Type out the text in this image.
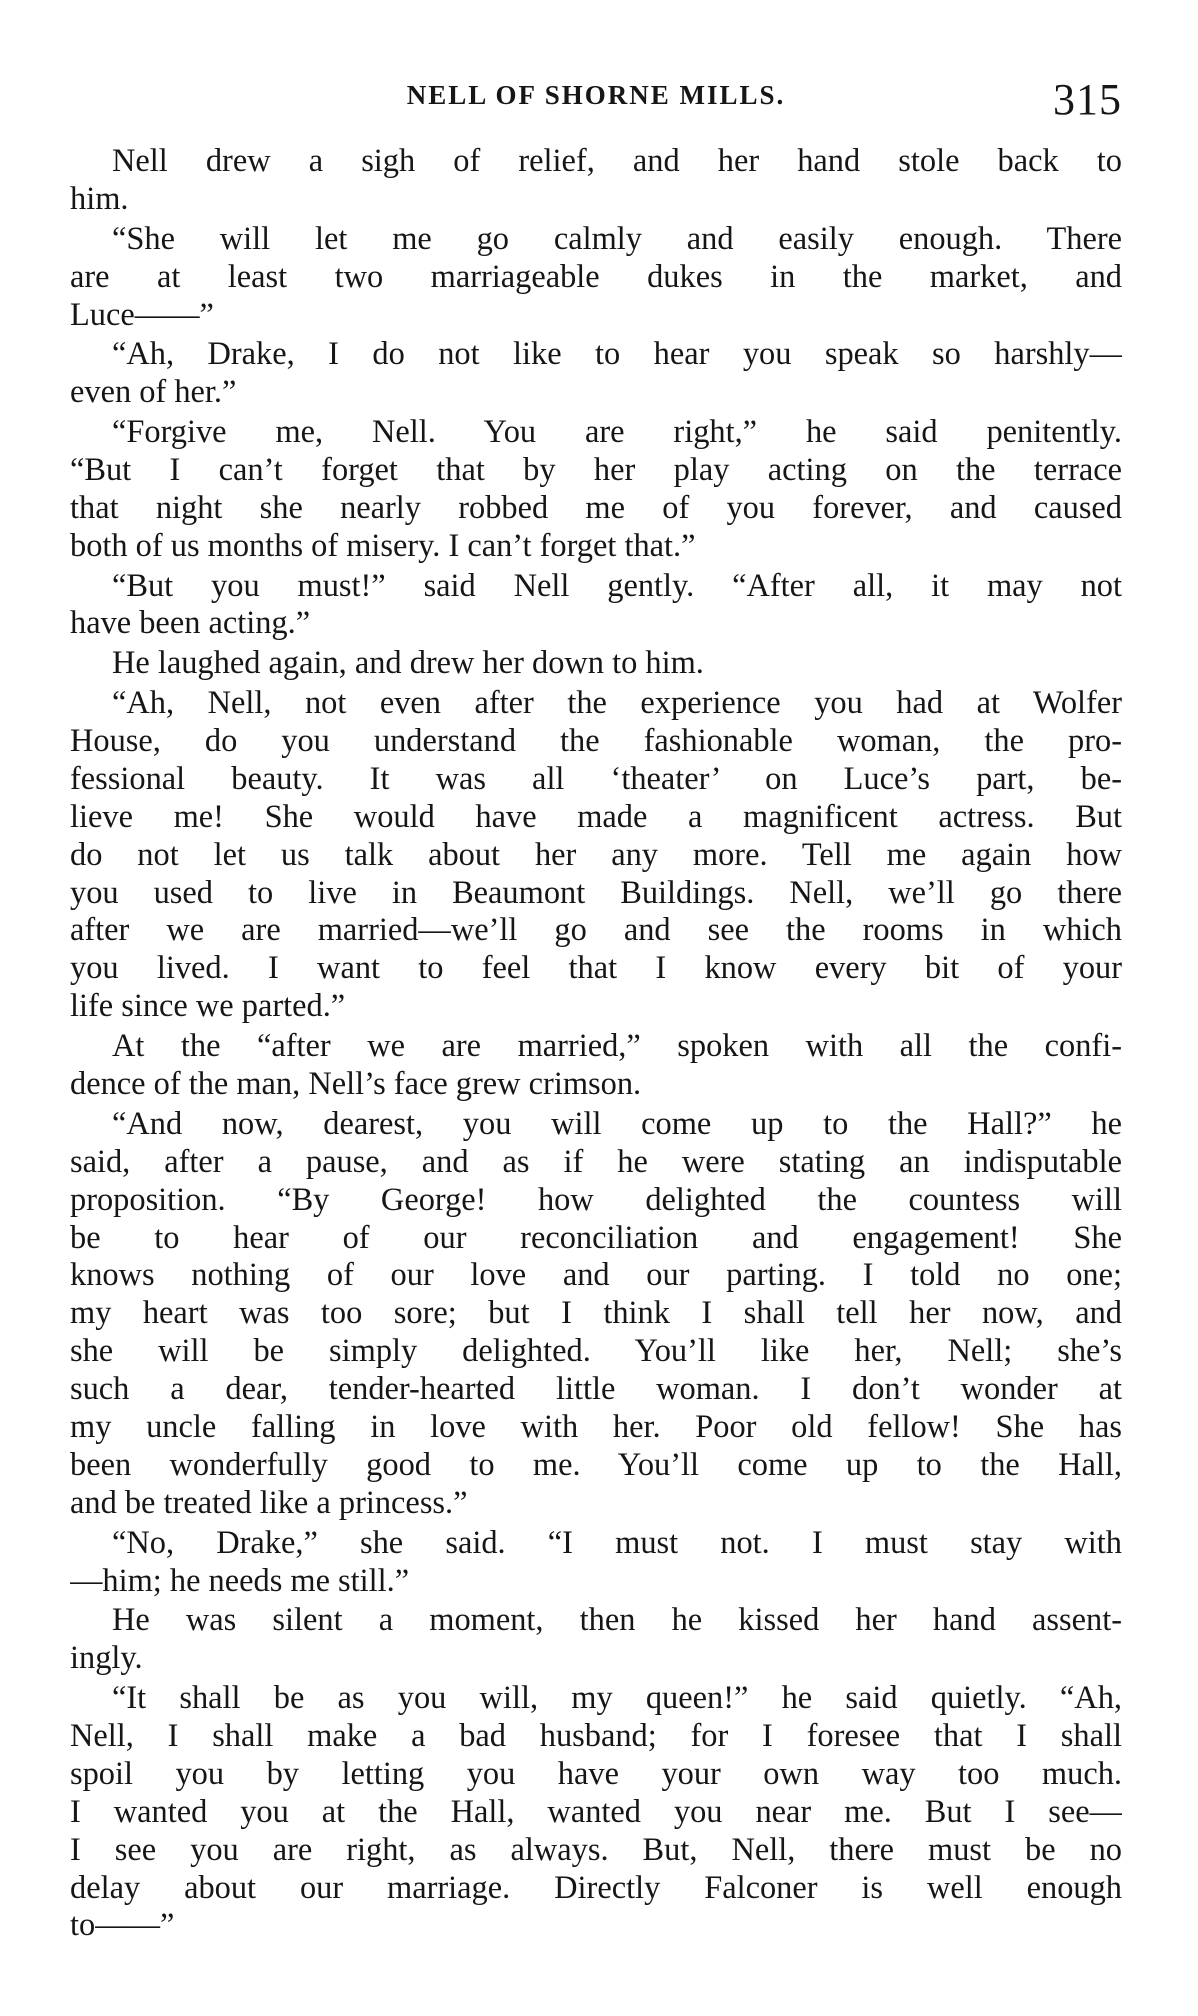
NELL OF SHORNE MILLS.	315
Nell drew a sigh of relief, and her hand stole back to
him.
“She will let me go calmly and easily enough. There
are at least two marriageable dukes in the market, and
Luce——”
“Ah, Drake, I do not like to hear you speak so harshly—
even of her.”
“Forgive me, Nell. You are right,” he said penitently.
“But I can’t forget that by her play acting on the terrace
that night she nearly robbed me of you forever, and caused
both of us months of misery. I can’t forget that.”
“But you must!” said Nell gently. “After all, it may not
have been acting.”
He laughed again, and drew her down to him.
“Ah, Nell, not even after the experience you had at Wolfer
House, do you understand the fashionable woman, the pro-
fessional beauty. It was all ‘theater’ on Luce’s part, be-
lieve me! She would have made a magnificent actress. But
do not let us talk about her any more. Tell me again how
you used to live in Beaumont Buildings. Nell, we’ll go there
after we are married—we’ll go and see the rooms in which
you lived. I want to feel that I know every bit of your
life since we parted.”
At the “after we are married,” spoken with all the confi-
dence of the man, Nell’s face grew crimson.
“And now, dearest, you will come up to the Hall?” he
said, after a pause, and as if he were stating an indisputable
proposition. “By George! how delighted the countess will
be to hear of our reconciliation and engagement! She
knows nothing of our love and our parting. I told no one;
my heart was too sore; but I think I shall tell her now, and
she will be simply delighted. You’ll like her, Nell; she’s
such a dear, tender-hearted little woman. I don’t wonder at
my uncle falling in love with her. Poor old fellow! She has
been wonderfully good to me. You’ll come up to the Hall,
and be treated like a princess.”
“No, Drake,” she said. “I must not. I must stay with
—him; he needs me still.”
He was silent a moment, then he kissed her hand assent-
ingly.
“It shall be as you will, my queen!” he said quietly. “Ah,
Nell, I shall make a bad husband; for I foresee that I shall
spoil you by letting you have your own way too much.
I wanted you at the Hall, wanted you near me. But I see—
I see you are right, as always. But, Nell, there must be no
delay about our marriage. Directly Falconer is well enough
to——”
